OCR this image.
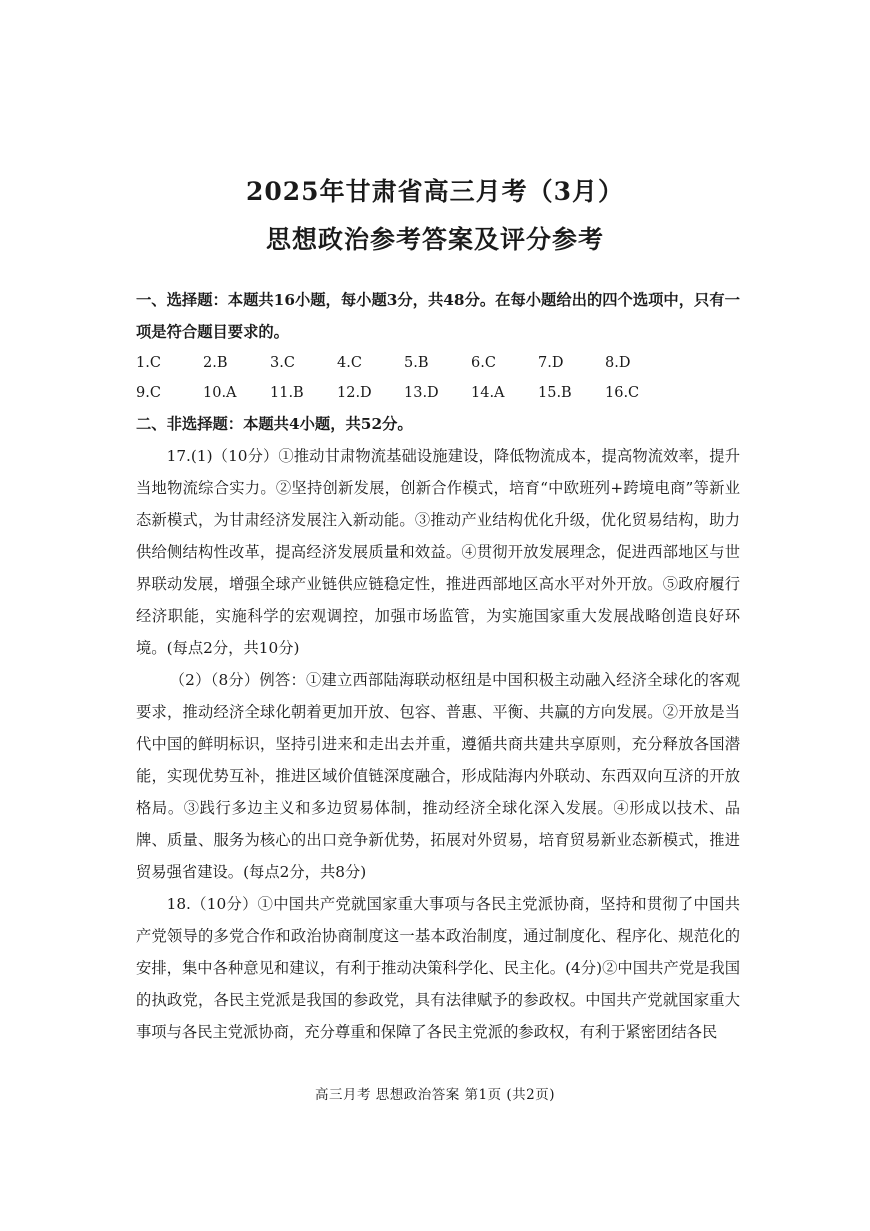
2025年甘肃省高三月考（3月）
思想政治参考答案及评分参考
一、选择题：本题共16小题，每小题3分，共48分。在每小题给出的四个选项中，只有一项是符合题目要求的。
1.C	2.B	3.C	4.C	5.B	6.C	7.D	8.D
9.C	10.A	11.B	12.D	13.D	14.A	15.B	16.C
二、非选择题：本题共4小题，共52分。

17.(1)（10分）①推动甘肃物流基础设施建设，降低物流成本，提高物流效率，提升当地物流综合实力。②坚持创新发展，创新合作模式，培育“中欧班列+跨境电商”等新业态新模式，为甘肃经济发展注入新动能。③推动产业结构优化升级，优化贸易结构，助力供给侧结构性改革，提高经济发展质量和效益。④贯彻开放发展理念，促进西部地区与世界联动发展，增强全球产业链供应链稳定性，推进西部地区高水平对外开放。⑤政府履行经济职能，实施科学的宏观调控，加强市场监管，为实施国家重大发展战略创造良好环境。(每点2分，共10分)

（2）（8分）例答：①建立西部陆海联动枢纽是中国积极主动融入经济全球化的客观要求，推动经济全球化朝着更加开放、包容、普惠、平衡、共赢的方向发展。②开放是当代中国的鲜明标识，坚持引进来和走出去并重，遵循共商共建共享原则，充分释放各国潜能，实现优势互补，推进区域价值链深度融合，形成陆海内外联动、东西双向互济的开放格局。③践行多边主义和多边贸易体制，推动经济全球化深入发展。④形成以技术、品牌、质量、服务为核心的出口竞争新优势，拓展对外贸易，培育贸易新业态新模式，推进贸易强省建设。(每点2分，共8分)

18.（10分）①中国共产党就国家重大事项与各民主党派协商，坚持和贯彻了中国共产党领导的多党合作和政治协商制度这一基本政治制度，通过制度化、程序化、规范化的安排，集中各种意见和建议，有利于推动决策科学化、民主化。(4分)②中国共产党是我国的执政党，各民主党派是我国的参政党，具有法律赋予的参政权。中国共产党就国家重大事项与各民主党派协商，充分尊重和保障了各民主党派的参政权，有利于紧密团结各民

高三月考 思想政治答案 第1页 (共2页)
